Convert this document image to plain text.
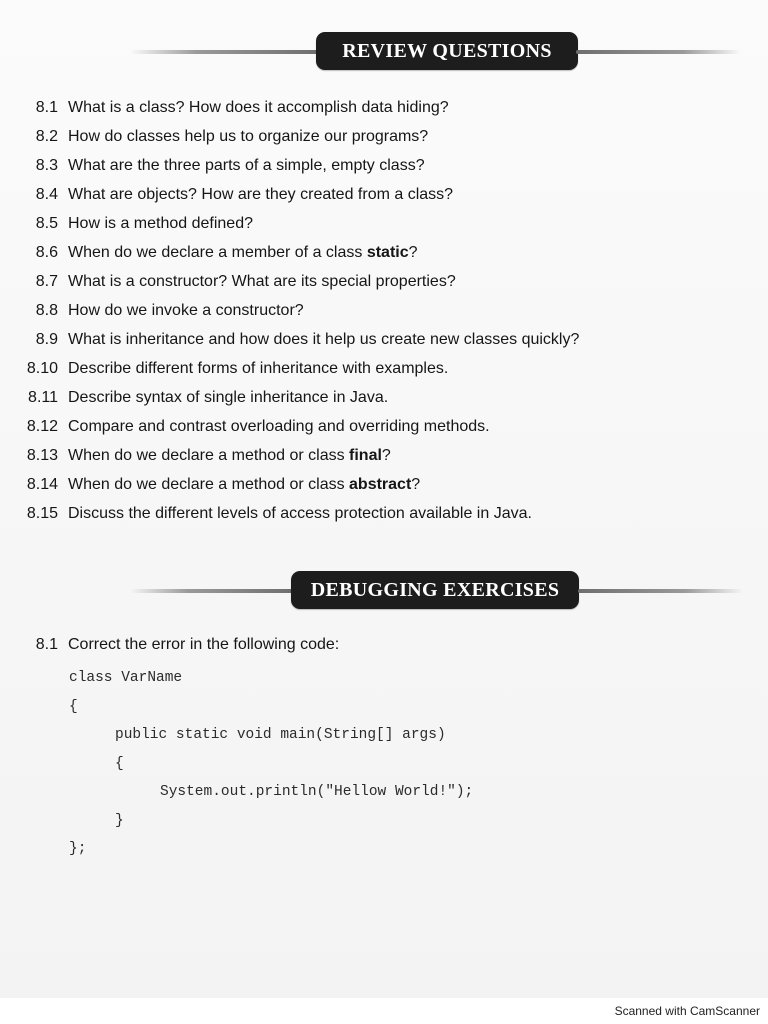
REVIEW QUESTIONS
8.1 What is a class? How does it accomplish data hiding?
8.2 How do classes help us to organize our programs?
8.3 What are the three parts of a simple, empty class?
8.4 What are objects? How are they created from a class?
8.5 How is a method defined?
8.6 When do we declare a member of a class static?
8.7 What is a constructor? What are its special properties?
8.8 How do we invoke a constructor?
8.9 What is inheritance and how does it help us create new classes quickly?
8.10 Describe different forms of inheritance with examples.
8.11 Describe syntax of single inheritance in Java.
8.12 Compare and contrast overloading and overriding methods.
8.13 When do we declare a method or class final?
8.14 When do we declare a method or class abstract?
8.15 Discuss the different levels of access protection available in Java.
DEBUGGING EXERCISES
8.1 Correct the error in the following code:
class VarName
{
public static void main(String[] args)
{
System.out.println("Hellow World!");
}
};
Scanned with CamScanner
